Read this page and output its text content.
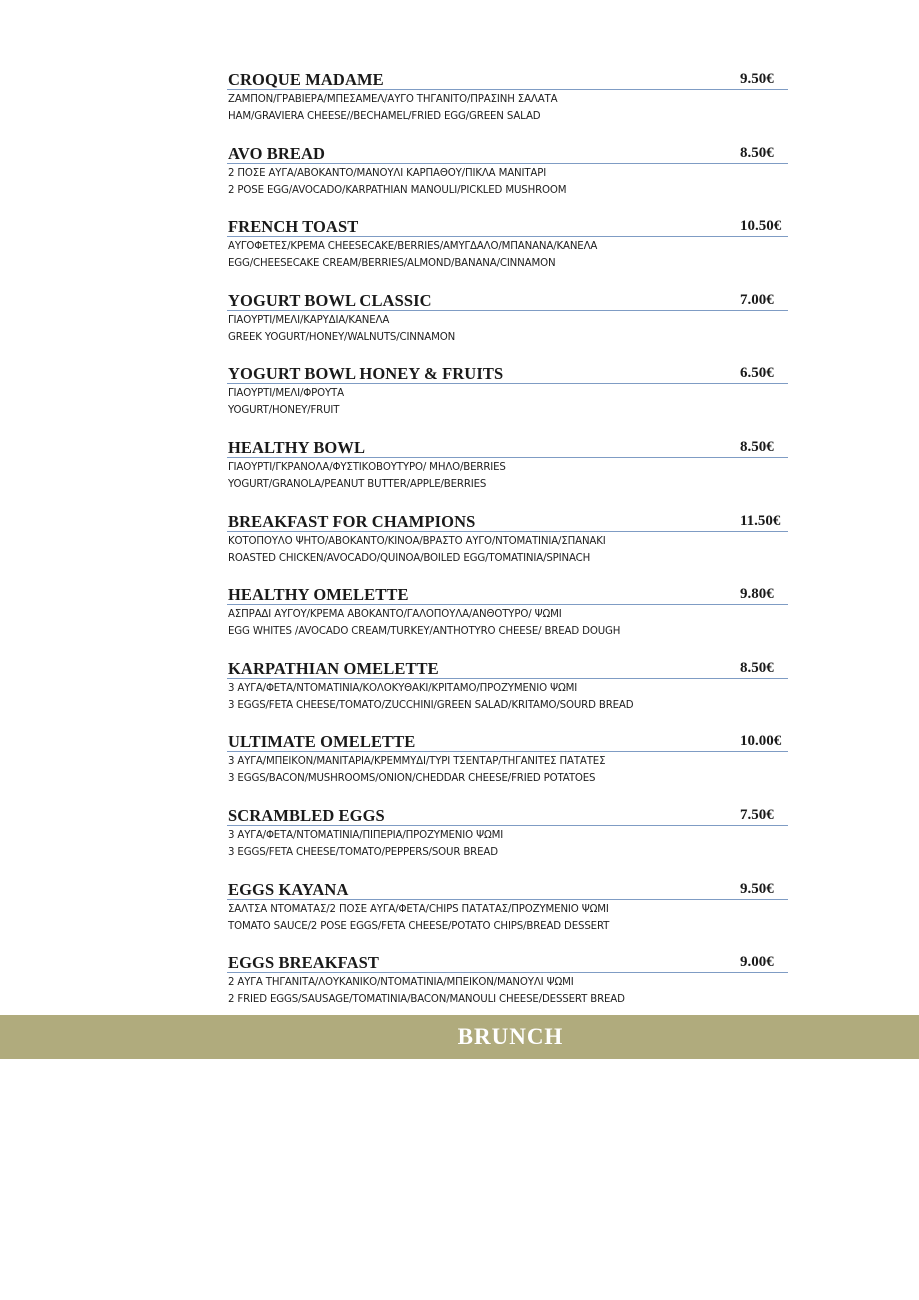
CROQUE MADAME	9.50€
ΖΑΜΠΟΝ/ΓΡΑΒΙΕΡΑ/ΜΠΕΣΑΜΕΛ/ΑΥΓΟ ΤΗΓΑΝΙΤΟ/ΠΡΑΣΙΝΗ ΣΑΛΑΤΑ
HAM/GRAVIERA CHEESE//BECHAMEL/FRIED EGG/GREEN SALAD
AVO BREAD	8.50€
2 ΠΟΣΕ ΑΥΓΑ/ΑΒΟΚΑΝΤΟ/ΜΑΝΟΥΛΙ ΚΑΡΠΑΘΟΥ/ΠΙΚΛΑ ΜΑΝΙΤΑΡΙ
2 POSE EGG/AVOCADO/KARPATHIAN MANOULI/PICKLED MUSHROOM
FRENCH TOAST	10.50€
ΑΥΓΟΦΕΤΕΣ/ΚΡΕΜΑ CHEESECAKE/BERRIES/ΑΜΥΓΔΑΛΟ/ΜΠΑΝΑΝΑ/ΚΑΝΕΛΑ
EGG/CHEESECAKE CREAM/BERRIES/ALMOND/BANANA/CINNAMON
YOGURT BOWL CLASSIC	7.00€
ΓΙΑΟΥΡΤΙ/ΜΕΛΙ/ΚΑΡΥΔΙΑ/ΚΑΝΕΛΑ
GREEK YOGURT/HONEY/WALNUTS/CINNAMON
YOGURT BOWL HONEY & FRUITS	6.50€
ΓΙΑΟΥΡΤΙ/ΜΕΛΙ/ΦΡΟΥΤΑ
YOGURT/HONEY/FRUIT
HEALTHY BOWL	8.50€
ΓΙΑΟΥΡΤΙ/ΓΚΡΑΝΟΛΑ/ΦΥΣΤΙΚΟΒΟΥΤΥΡΟ/ ΜΗΛΟ/BERRIES
YOGURT/GRANOLA/PEANUT BUTTER/APPLE/BERRIES
BREAKFAST FOR CHAMPIONS	11.50€
ΚΟΤΟΠΟΥΛΟ ΨΗΤΟ/ΑΒΟΚΑΝΤΟ/ΚΙΝΟΑ/ΒΡΑΣΤΟ ΑΥΓΟ/ΝΤΟΜΑΤΙΝΙΑ/ΣΠΑΝΑΚΙ
ROASTED CHICKEN/AVOCADO/QUINOA/BOILED EGG/TOMATINIA/SPINACH
HEALTHY OMELETTE	9.80€
ΑΣΠΡΑΔΙ ΑΥΓΟΥ/ΚΡΕΜΑ ΑΒΟΚΑΝΤΟ/ΓΑΛΟΠΟΥΛΑ/ΑΝΘΟΤΥΡΟ/ ΨΩΜΙ
EGG WHITES /AVOCADO CREAM/TURKEY/ANTHOTYRO CHEESE/ BREAD DOUGH
KARPATHIAN OMELETTE	8.50€
3 ΑΥΓΑ/ΦΕΤΑ/ΝΤΟΜΑΤΙΝΙΑ/ΚΟΛΟΚΥΘΑΚΙ/ΚΡΙΤΑΜΟ/ΠΡΟΖΥΜΕΝΙΟ ΨΩΜΙ
3 EGGS/FETA CHEESE/TOMATO/ZUCCHINI/GREEN SALAD/KRITAMO/SOURD BREAD
ULTIMATE OMELETTE	10.00€
3 ΑΥΓΑ/ΜΠΕΙΚΟΝ/ΜΑΝΙΤΑΡΙΑ/ΚΡΕΜΜΥΔΙ/ΤΥΡΙ ΤΣΕΝΤΑΡ/ΤΗΓΑΝΙΤΕΣ ΠΑΤΑΤΕΣ
3 EGGS/BACON/MUSHROOMS/ONION/CHEDDAR CHEESE/FRIED POTATOES
SCRAMBLED EGGS	7.50€
3 ΑΥΓΑ/ΦΕΤΑ/ΝΤΟΜΑΤΙΝΙΑ/ΠΙΠΕΡΙΑ/ΠΡΟΖΥΜΕΝΙΟ ΨΩΜΙ
3 EGGS/FETA CHEESE/TOMATO/PEPPERS/SOUR BREAD
EGGS KAYANA	9.50€
ΣΑΛΤΣΑ ΝΤΟΜΑΤΑΣ/2 ΠΟΣΕ ΑΥΓΑ/ΦΕΤΑ/CHIPS ΠΑΤΑΤΑΣ/ΠΡΟΖΥΜΕΝΙΟ ΨΩΜΙ
TOMATO SAUCE/2 POSE EGGS/FETA CHEESE/POTATO CHIPS/BREAD DESSERT
EGGS BREAKFAST	9.00€
2 ΑΥΓΑ ΤΗΓΑΝΙΤΑ/ΛΟΥΚΑΝΙΚΟ/ΝΤΟΜΑΤΙΝΙΑ/ΜΠΕΙΚΟΝ/ΜΑΝΟΥΛΙ ΨΩΜΙ
2 FRIED EGGS/SAUSAGE/TOMATINIA/BACON/MANOULI CHEESE/DESSERT BREAD
BRUNCH
